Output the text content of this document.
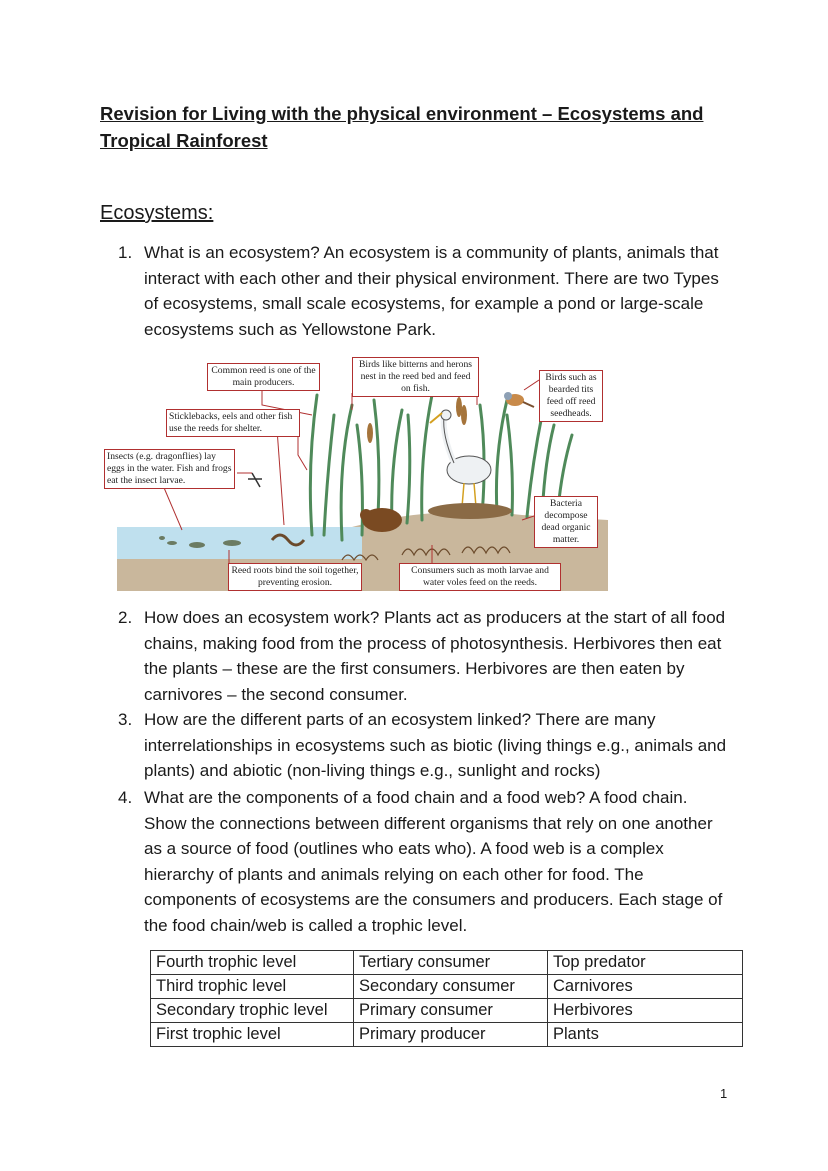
Revision for Living with the physical environment – Ecosystems and Tropical Rainforest
Ecosystems:
1. What is an ecosystem? An ecosystem is a community of plants, animals that interact with each other and their physical environment. There are two Types of ecosystems, small scale ecosystems, for example a pond or large-scale ecosystems such as Yellowstone Park.
Common reed is one of the main producers.
Birds like bitterns and herons nest in the reed bed and feed on fish.
Birds such as bearded tits feed off reed seedheads.
Sticklebacks, eels and other fish use the reeds for shelter.
Insects (e.g. dragonflies) lay eggs in the water. Fish and frogs eat the insect larvae.
Bacteria decompose dead organic matter.
Reed roots bind the soil together, preventing erosion.
Consumers such as moth larvae and water voles feed on the reeds.
2. How does an ecosystem work? Plants act as producers at the start of all food chains, making food from the process of photosynthesis. Herbivores then eat the plants – these are the first consumers. Herbivores are then eaten by carnivores – the second consumer.
3. How are the different parts of an ecosystem linked? There are many interrelationships in ecosystems such as biotic (living things e.g., animals and plants) and abiotic (non-living things e.g., sunlight and rocks)
4. What are the components of a food chain and a food web? A food chain. Show the connections between different organisms that rely on one another as a source of food (outlines who eats who). A food web is a complex hierarchy of plants and animals relying on each other for food. The components of ecosystems are the consumers and producers. Each stage of the food chain/web is called a trophic level.
Fourth trophic level	Tertiary consumer	Top predator
Third trophic level	Secondary consumer	Carnivores
Secondary trophic level	Primary consumer	Herbivores
First trophic level	Primary producer	Plants
1
